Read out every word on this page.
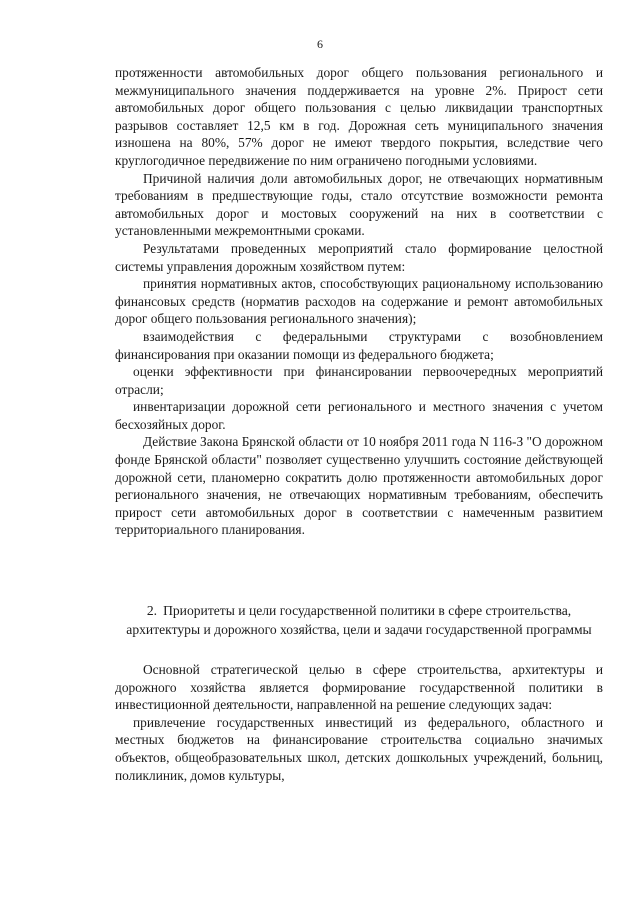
6

протяженности автомобильных дорог общего пользования регионального и межмуниципального значения поддерживается на уровне 2%. Прирост сети автомобильных дорог общего пользования с целью ликвидации транспортных разрывов составляет 12,5 км в год. Дорожная сеть муниципального значения изношена на 80%, 57% дорог не имеют твердого покрытия, вследствие чего круглогодичное передвижение по ним ограничено погодными условиями.

Причиной наличия доли автомобильных дорог, не отвечающих нормативным требованиям в предшествующие годы, стало отсутствие возможности ремонта автомобильных дорог и мостовых сооружений на них в соответствии с установленными межремонтными сроками.

Результатами проведенных мероприятий стало формирование целостной системы управления дорожным хозяйством путем:

принятия нормативных актов, способствующих рациональному использованию финансовых средств (норматив расходов на содержание и ремонт автомобильных дорог общего пользования регионального значения);

взаимодействия с федеральными структурами с возобновлением финансирования при оказании помощи из федерального бюджета;

оценки эффективности при финансировании первоочередных мероприятий отрасли;

инвентаризации дорожной сети регионального и местного значения с учетом бесхозяйных дорог.

Действие Закона Брянской области от 10 ноября 2011 года N 116-З "О дорожном фонде Брянской области" позволяет существенно улучшить состояние действующей дорожной сети, планомерно сократить долю протяженности автомобильных дорог регионального значения, не отвечающих нормативным требованиям, обеспечить прирост сети автомобильных дорог в соответствии с намеченным развитием территориального планирования.

2. Приоритеты и цели государственной политики в сфере строительства, архитектуры и дорожного хозяйства, цели и задачи государственной программы

Основной стратегической целью в сфере строительства, архитектуры и дорожного хозяйства является формирование государственной политики в инвестиционной деятельности, направленной на решение следующих задач:

привлечение государственных инвестиций из федерального, областного и местных бюджетов на финансирование строительства социально значимых объектов, общеобразовательных школ, детских дошкольных учреждений, больниц, поликлиник, домов культуры,
